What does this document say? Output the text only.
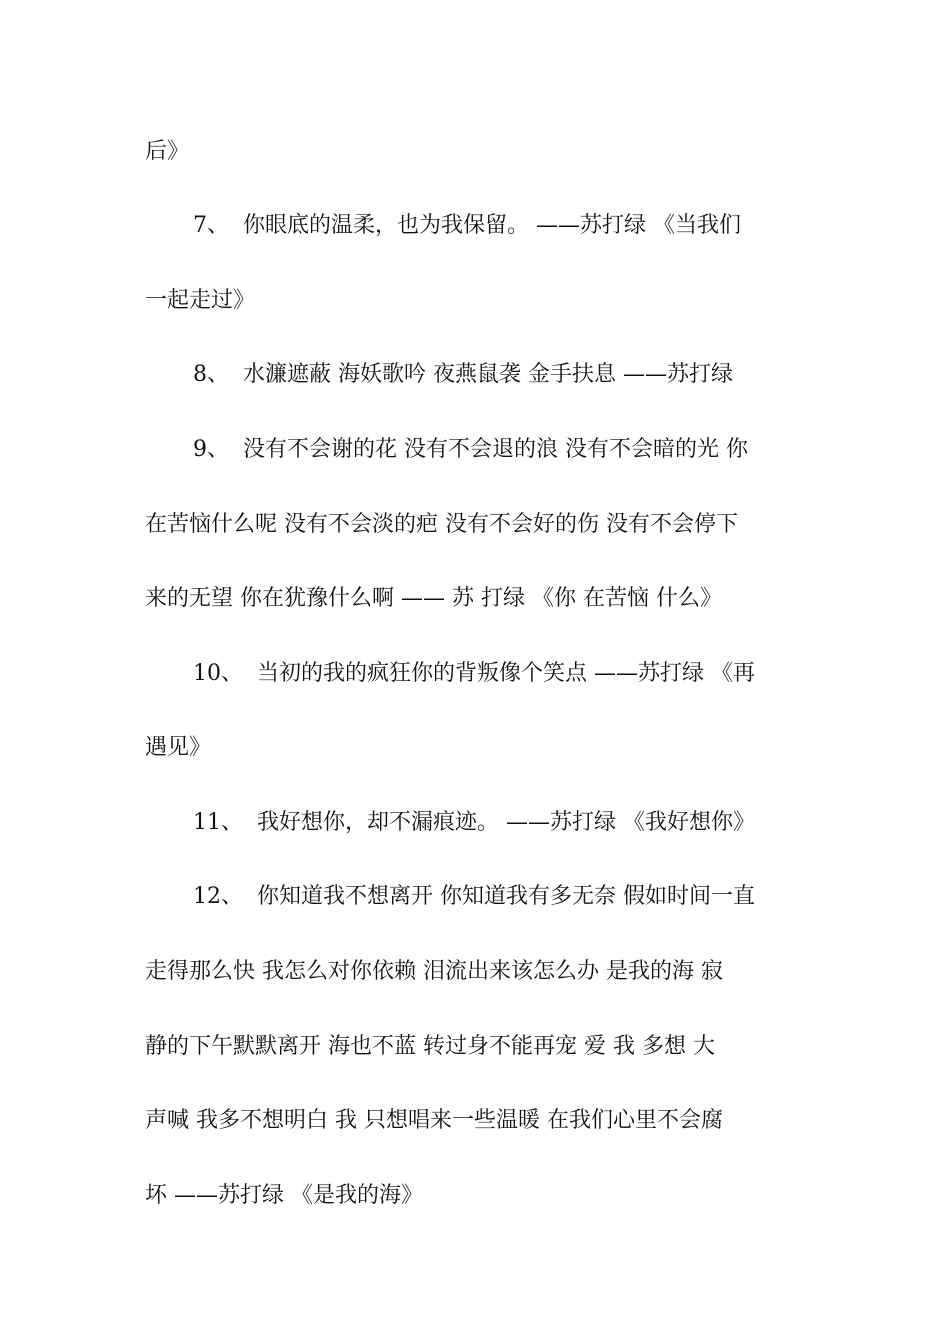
后》
7、  你眼底的温柔，也为我保留。 ——苏打绿 《当我们
一起走过》
8、  水濂遮蔽 海妖歌吟 夜燕鼠袭 金手扶息 ——苏打绿
9、  没有不会谢的花 没有不会退的浪 没有不会暗的光 你
在苦恼什么呢 没有不会淡的疤 没有不会好的伤 没有不会停下
来的无望 你在犹豫什么啊 —— 苏 打绿 《你 在苦恼 什么》
10、  当初的我的疯狂你的背叛像个笑点 ——苏打绿 《再
遇见》
11、  我好想你，却不漏痕迹。 ——苏打绿 《我好想你》
12、  你知道我不想离开 你知道我有多无奈 假如时间一直
走得那么快 我怎么对你依赖 泪流出来该怎么办 是我的海 寂
静的下午默默离开 海也不蓝 转过身不能再宠 爱 我 多想 大
声喊 我多不想明白 我 只想唱来一些温暖 在我们心里不会腐
坏 ——苏打绿 《是我的海》
